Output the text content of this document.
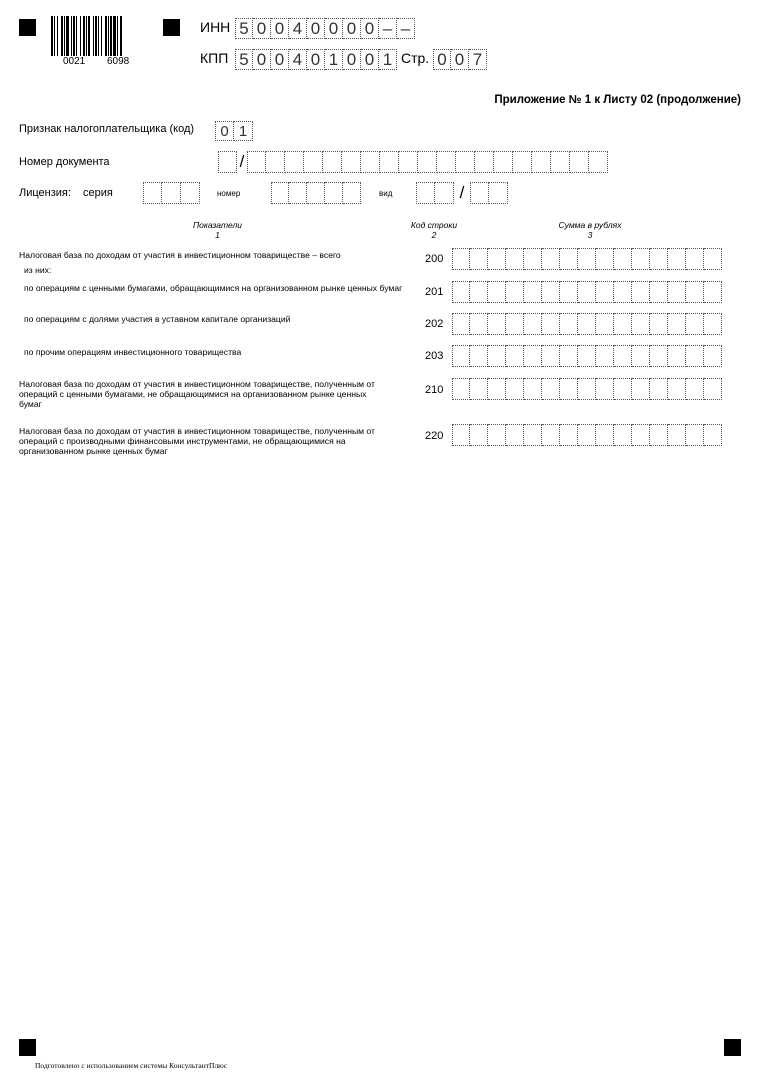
0021 6098
ИНН 5 0 0 4 0 0 0 0 – –
КПП 5 0 0 4 0 1 0 0 1 Стр. 0 0 7
Приложение № 1 к Листу 02 (продолжение)
Признак налогоплательщика (код)	0 1
Номер документа	/
Лицензия: серия	номер	вид	/
Показатели
1
Код строки
2
Сумма в рублях
3
Налоговая база по доходам от участия в инвестиционном товариществе – всего	200
из них:
по операциям с ценными бумагами, обращающимися на организованном рынке ценных бумаг	201
по операциям с долями участия в уставном капитале организаций	202
по прочим операциям инвестиционного товарищества	203
Налоговая база по доходам от участия в инвестиционном товариществе, полученным от операций с ценными бумагами, не обращающимися на организованном рынке ценных бумаг
210
Налоговая база по доходам от участия в инвестиционном товариществе, полученным от операций с производными финансовыми инструментами, не обращающимися на организованном рынке ценных бумаг
220
Подготовлено с использованием системы КонсультантПлюс
